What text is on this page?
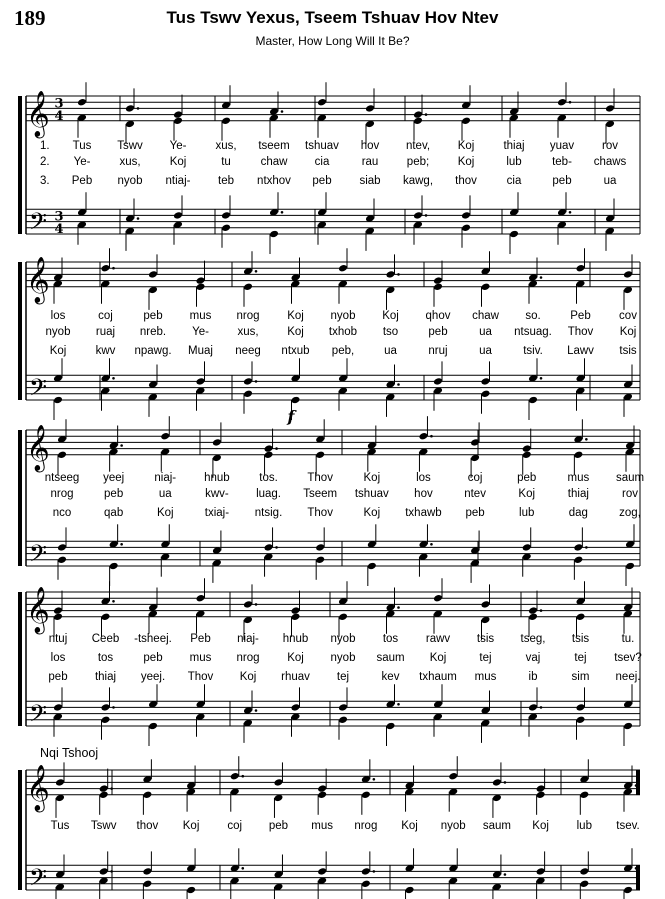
189	Tus Tswv Yexus, Tseem Tshuav Hov Ntev
Master, How Long Will It Be?
Nqi Tshooj
𝄞
𝄢
3
4
3
4
1. Tus Tswv Ye-	xus, tseem tshuav hov ntev, Koj	thiaj yuav rov
2. Ye-	xus,	Koj	tu	chaw cia	rau peb; Koj	lub	teb- chaws
3. Peb nyob ntiaj- teb ntxhov peb siab kawg, thov	cia	peb	ua
𝄞
𝄢
los	coj	peb mus nrog Koj nyob Koj qhov chaw so.	Peb cov
nyob ruaj nreb. Ye- xus, Koj txhob tso	peb	ua ntsuag. Thov Koj
Koj	kwv npawg. Muaj neeg ntxub peb,	ua	nruj	ua	tsiv. Lawv tsis
𝄞
𝄢
ntseeg yeej	niaj- hnub	tos.	Thov	Koj	los	coj	peb	mus saum
nrog	peb	ua	kwv- luag. Tseem tshuav hov	ntev	Koj	thiaj	rov
nco	qab	Koj	txiaj- ntsig. Thov	Koj txhawb peb	lub	dag	zog,
𝄞
𝄢
ntuj Ceeb -tsheej. Peb niaj- hnub nyob tos rawv tsis tseg, tsis	tu.
los	tos	peb mus nrog Koj nyob saum Koj	tej	vaj	tej tsev?
peb thiaj yeej. Thov Koj rhuav tej	kev txhaum mus	ib	sim neej.
𝄞
𝄢
Tus Tswv thov Koj coj peb mus nrog Koj nyob saum Koj lub tsev.
f
